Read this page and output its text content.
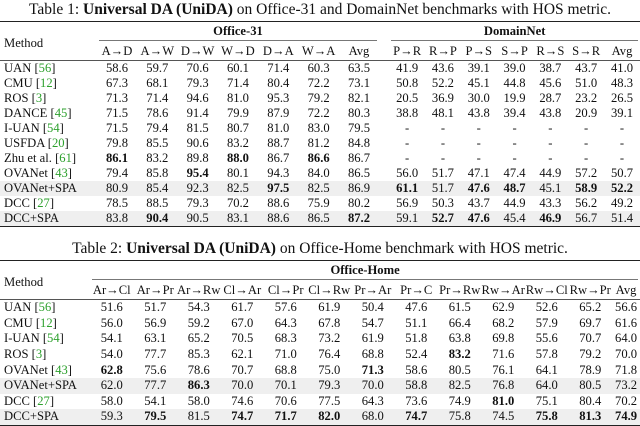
Table 1: Universal DA (UniDA) on Office-31 and DomainNet benchmarks with HOS metric.
Method	Office-31								DomainNet						

	A→D	A→W	D→W	W→D	D→A	W→A	Avg		P→R	R→P	P→S	S→P	R→S	S→R	Avg
UAN [56]	58.6	59.7	70.6	60.1	71.4	60.3	63.5		41.9	43.6	39.1	39.0	38.7	43.7	41.0
CMU [12]	67.3	68.1	79.3	71.4	80.4	72.2	73.1		50.8	52.2	45.1	44.8	45.6	51.0	48.3
ROS [3]	71.3	71.4	94.6	81.0	95.3	79.2	82.1		20.5	36.9	30.0	19.9	28.7	23.2	26.5
DANCE [45]	71.5	78.6	91.4	79.9	87.9	72.2	80.3		38.8	48.1	43.8	39.4	43.8	20.9	39.1
I-UAN [54]	71.5	79.4	81.5	80.7	81.0	83.0	79.5		-	-	-	-	-	-	-
USFDA [20]	79.8	85.5	90.6	83.2	88.7	81.2	84.8		-	-	-	-	-	-	-
Zhu et al. [61]	86.1	83.2	89.8	88.0	86.7	86.6	86.7		-	-	-	-	-	-	-
OVANet [43]	79.4	85.8	95.4	80.1	94.3	84.0	86.5		56.0	51.7	47.1	47.4	44.9	57.2	50.7
OVANet+SPA	80.9	85.4	92.3	82.5	97.5	82.5	86.9		61.1	51.7	47.6	48.7	45.1	58.9	52.2
DCC [27]	78.5	88.5	79.3	70.2	88.6	75.9	80.2		56.9	50.3	43.7	44.9	43.3	56.2	49.2
DCC+SPA	83.8	90.4	90.5	83.1	88.6	86.5	87.2		59.1	52.7	47.6	45.4	46.9	56.7	51.4
Table 2: Universal DA (UniDA) on Office-Home benchmark with HOS metric.
Method	Office-Home												

	Ar→Cl	Ar→Pr	Ar→Rw	Cl→Ar	Cl→Pr	Cl→Rw	Pr→Ar	Pr→C	Pr→Rw	Rw→Ar	Rw→Cl	Rw→Pr	Avg
UAN [56]	51.6	51.7	54.3	61.7	57.6	61.9	50.4	47.6	61.5	62.9	52.6	65.2	56.6
CMU [12]	56.0	56.9	59.2	67.0	64.3	67.8	54.7	51.1	66.4	68.2	57.9	69.7	61.6
I-UAN [54]	54.1	63.1	65.2	70.5	68.3	73.2	61.9	51.8	63.8	69.8	55.6	70.7	64.0
ROS [3]	54.0	77.7	85.3	62.1	71.0	76.4	68.8	52.4	83.2	71.6	57.8	79.2	70.0
OVANet [43]	62.8	75.6	78.6	70.7	68.8	75.0	71.3	58.6	80.5	76.1	64.1	78.9	71.8
OVANet+SPA	62.0	77.7	86.3	70.0	70.1	79.3	70.0	58.8	82.5	76.8	64.0	80.5	73.2
DCC [27]	58.0	54.1	58.0	74.6	70.6	77.5	64.3	73.6	74.9	81.0	75.1	80.4	70.2
DCC+SPA	59.3	79.5	81.5	74.7	71.7	82.0	68.0	74.7	75.8	74.5	75.8	81.3	74.9
